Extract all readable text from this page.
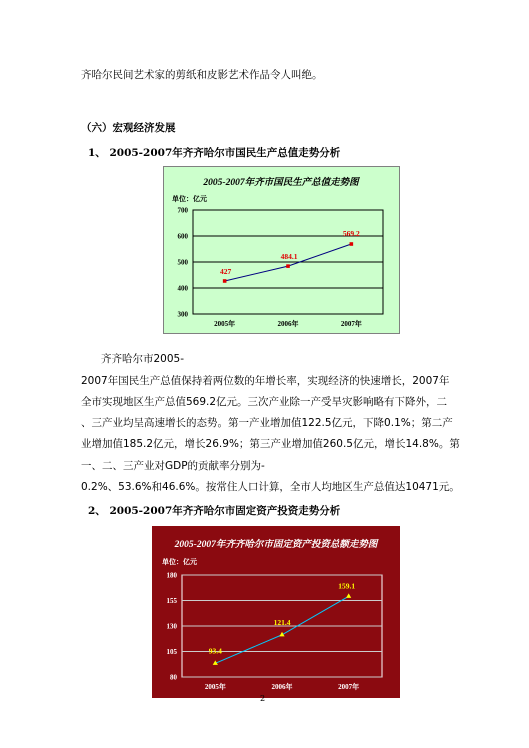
齐哈尔民间艺术家的剪纸和皮影艺术作品令人叫绝。

（六）宏观经济发展

1、 2005-2007年齐齐哈尔市国民生产总值走势分析

2005-2007年齐市国民生产总值走势图
单位：亿元
300
400
500
600
700
2005年	2006年	2007年
427
484.1
569.2

齐齐哈尔市2005-

2007年国民生产总值保持着两位数的年增长率，实现经济的快速增长，2007年

全市实现地区生产总值569.2亿元。三次产业除一产受旱灾影响略有下降外，二

、三产业均呈高速增长的态势。第一产业增加值122.5亿元，下降0.1%；第二产

业增加值185.2亿元，增长26.9%；第三产业增加值260.5亿元，增长14.8%。第

一、二、三产业对GDP的贡献率分别为-

0.2%、53.6%和46.6%。按常住人口计算，全市人均地区生产总值达10471元。

2、 2005-2007年齐齐哈尔市固定资产投资走势分析

2005-2007年齐齐哈尔市固定资产投资总额走势图
单位：亿元
80
105
130
155
180
2005年	2006年	2007年
93.4
121.4
159.1

2
